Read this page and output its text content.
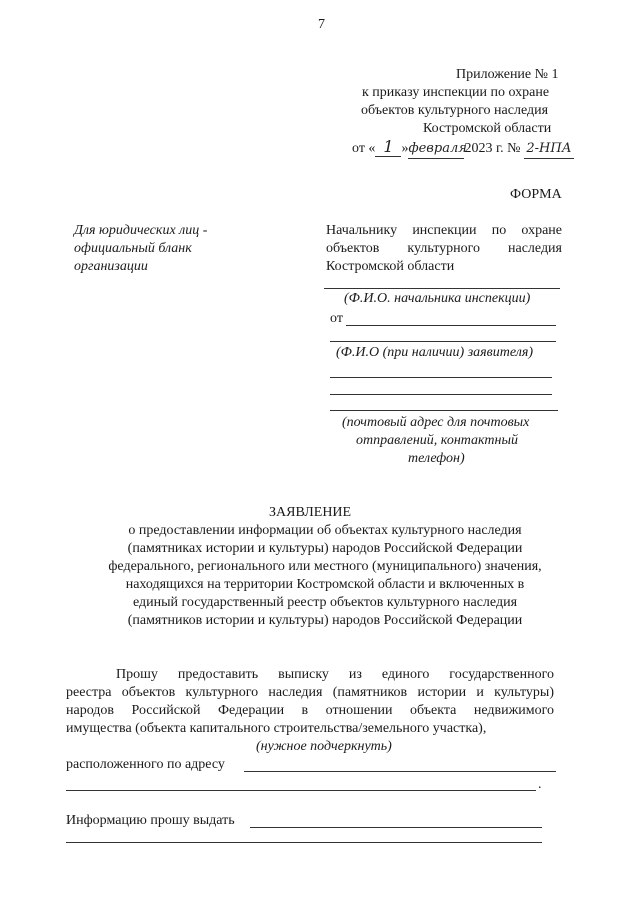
7
Приложение № 1
к приказу инспекции по охране
объектов культурного наследия
Костромской области
от « 1 »февраля2023 г. № 2-НПА
ФОРМА
Для юридических лиц -
официальный бланк
организации
Начальнику инспекции по охране
объектов культурного наследия
Костромской области
(Ф.И.О. начальника инспекции)
от
(Ф.И.О (при наличии) заявителя)
(почтовый адрес для почтовых
отправлений, контактный
телефон)
ЗАЯВЛЕНИЕ
о предоставлении информации об объектах культурного наследия
(памятниках истории и культуры) народов Российской Федерации
федерального, регионального или местного (муниципального) значения,
находящихся на территории Костромской области и включенных в
единый государственный реестр объектов культурного наследия
(памятников истории и культуры) народов Российской Федерации
Прошу предоставить выписку из единого государственного
реестра объектов культурного наследия (памятников истории и культуры)
народов Российской Федерации в отношении объекта недвижимого
имущества (объекта капитального строительства/земельного участка),
(нужное подчеркнуть)
расположенного по адресу
.
Информацию прошу выдать
